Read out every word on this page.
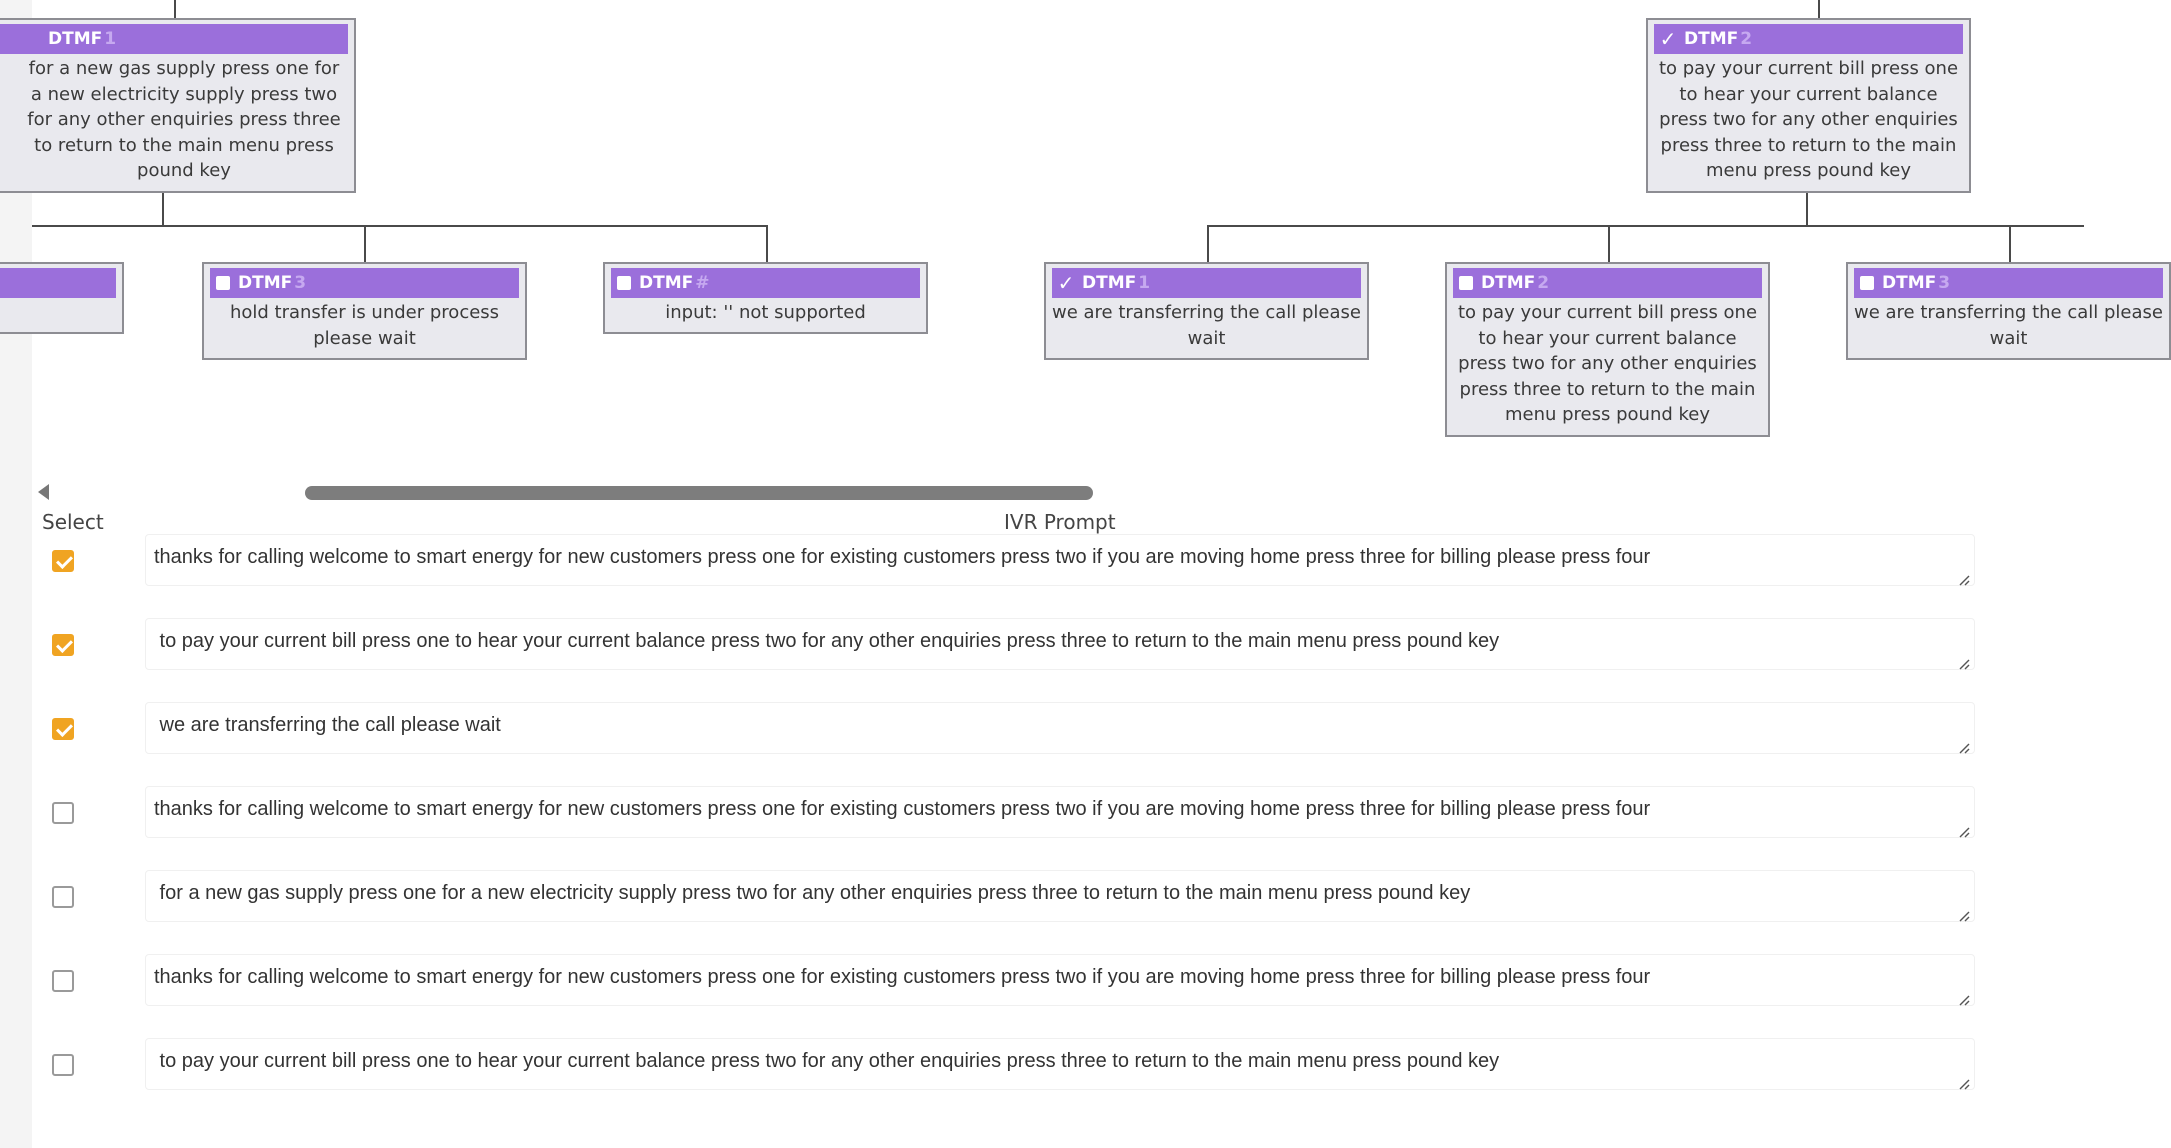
DTMF 1
for a new gas supply press one for a new electricity supply press two for any other enquiries press three to return to the main menu press pound key
✓ DTMF 2
to pay your current bill press one to hear your current balance press two for any other enquiries press three to return to the main menu press pound key
DTMF 3
hold transfer is under process please wait
DTMF #
input: '' not supported
✓ DTMF 1
we are transferring the call please wait
DTMF 2
to pay your current bill press one to hear your current balance press two for any other enquiries press three to return to the main menu press pound key
DTMF 3
we are transferring the call please wait
Select	IVR Prompt
thanks for calling welcome to smart energy for new customers press one for existing customers press two if you are moving home press three for billing please press four
to pay your current bill press one to hear your current balance press two for any other enquiries press three to return to the main menu press pound key
we are transferring the call please wait
thanks for calling welcome to smart energy for new customers press one for existing customers press two if you are moving home press three for billing please press four
for a new gas supply press one for a new electricity supply press two for any other enquiries press three to return to the main menu press pound key
thanks for calling welcome to smart energy for new customers press one for existing customers press two if you are moving home press three for billing please press four
to pay your current bill press one to hear your current balance press two for any other enquiries press three to return to the main menu press pound key
